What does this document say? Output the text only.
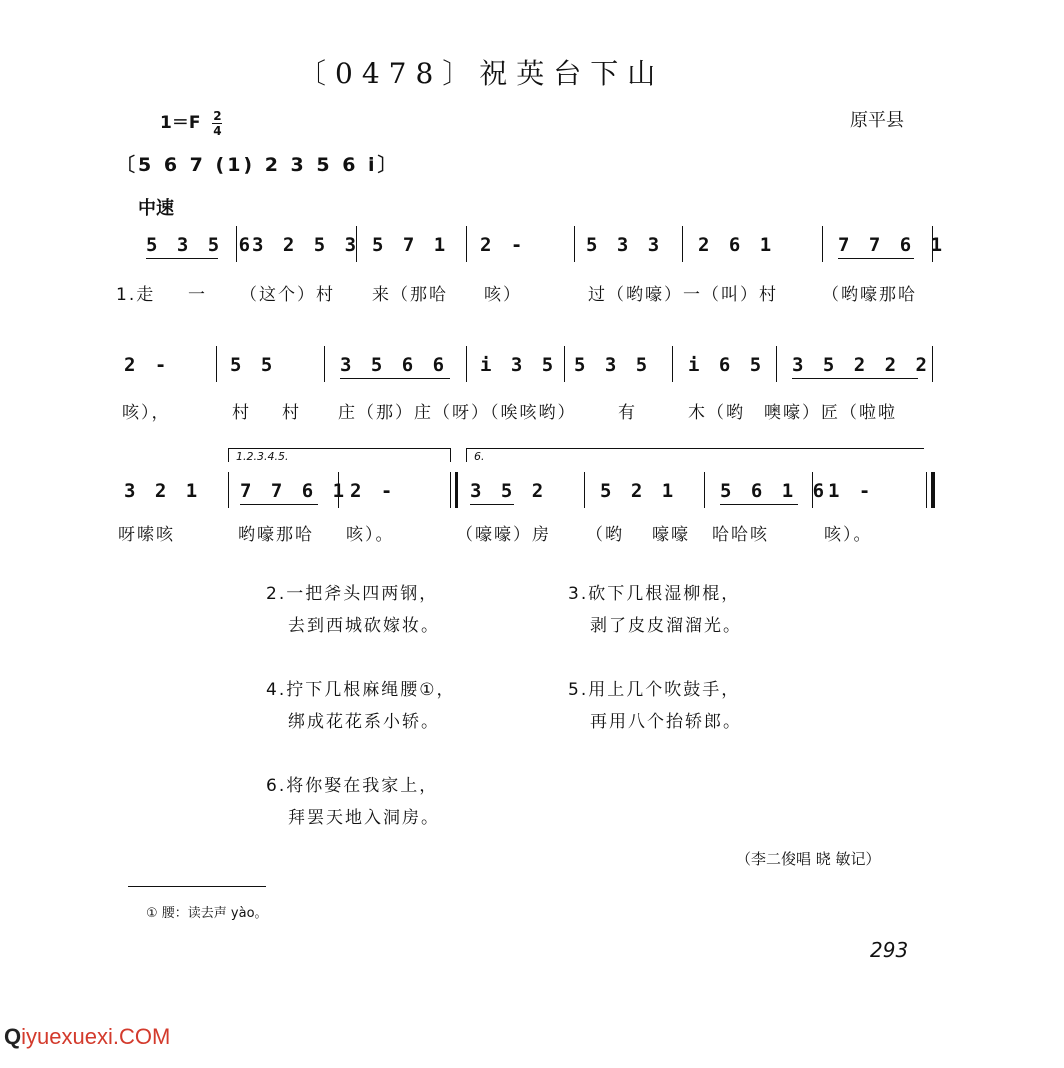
〔0478〕祝英台下山
$1=F \frac{2}{4}$	原平县
〔5 6 7 (1) 2 3 5 6 i〕
中速
5 3 5 6
3 2 5 3 5 7 1 2 -	5 3 3 2 6 1	7 7 6 1
1.走 一 （这个）村 来（那哈 咳）	过（哟嚎）一（叫）村	（哟嚎那哈
2 -	5 5	3 5 6 6 i 3 5 5 3 5 i 6 5 3 5 2 2 2
咳），	村 村 庄（那）庄（呀）（唉咳哟） 有	木（哟 噢嚎）匠（啦啦
1.2.3.4.5.	6.
3 2 1 7 7 6 1 2 -	3 5 2	5 2 1 5 6 1 6 1 -
呀嗦咳	哟嚎那哈 咳）。	（嚎嚎）房 （哟 嚎嚎 哈哈咳	咳）。
2.一把斧头四两钢，
去到西城砍嫁妆。
3.砍下几根湿柳棍，
剥了皮皮溜溜光。
4.拧下几根麻绳腰①，
绑成花花系小轿。
5.用上几个吹鼓手，
再用八个抬轿郎。
6.将你娶在我家上，
拜罢天地入洞房。
（李二俊唱 晓 敏记）
① 腰：读去声 yào。
293
Qiyuexuexi.COM
